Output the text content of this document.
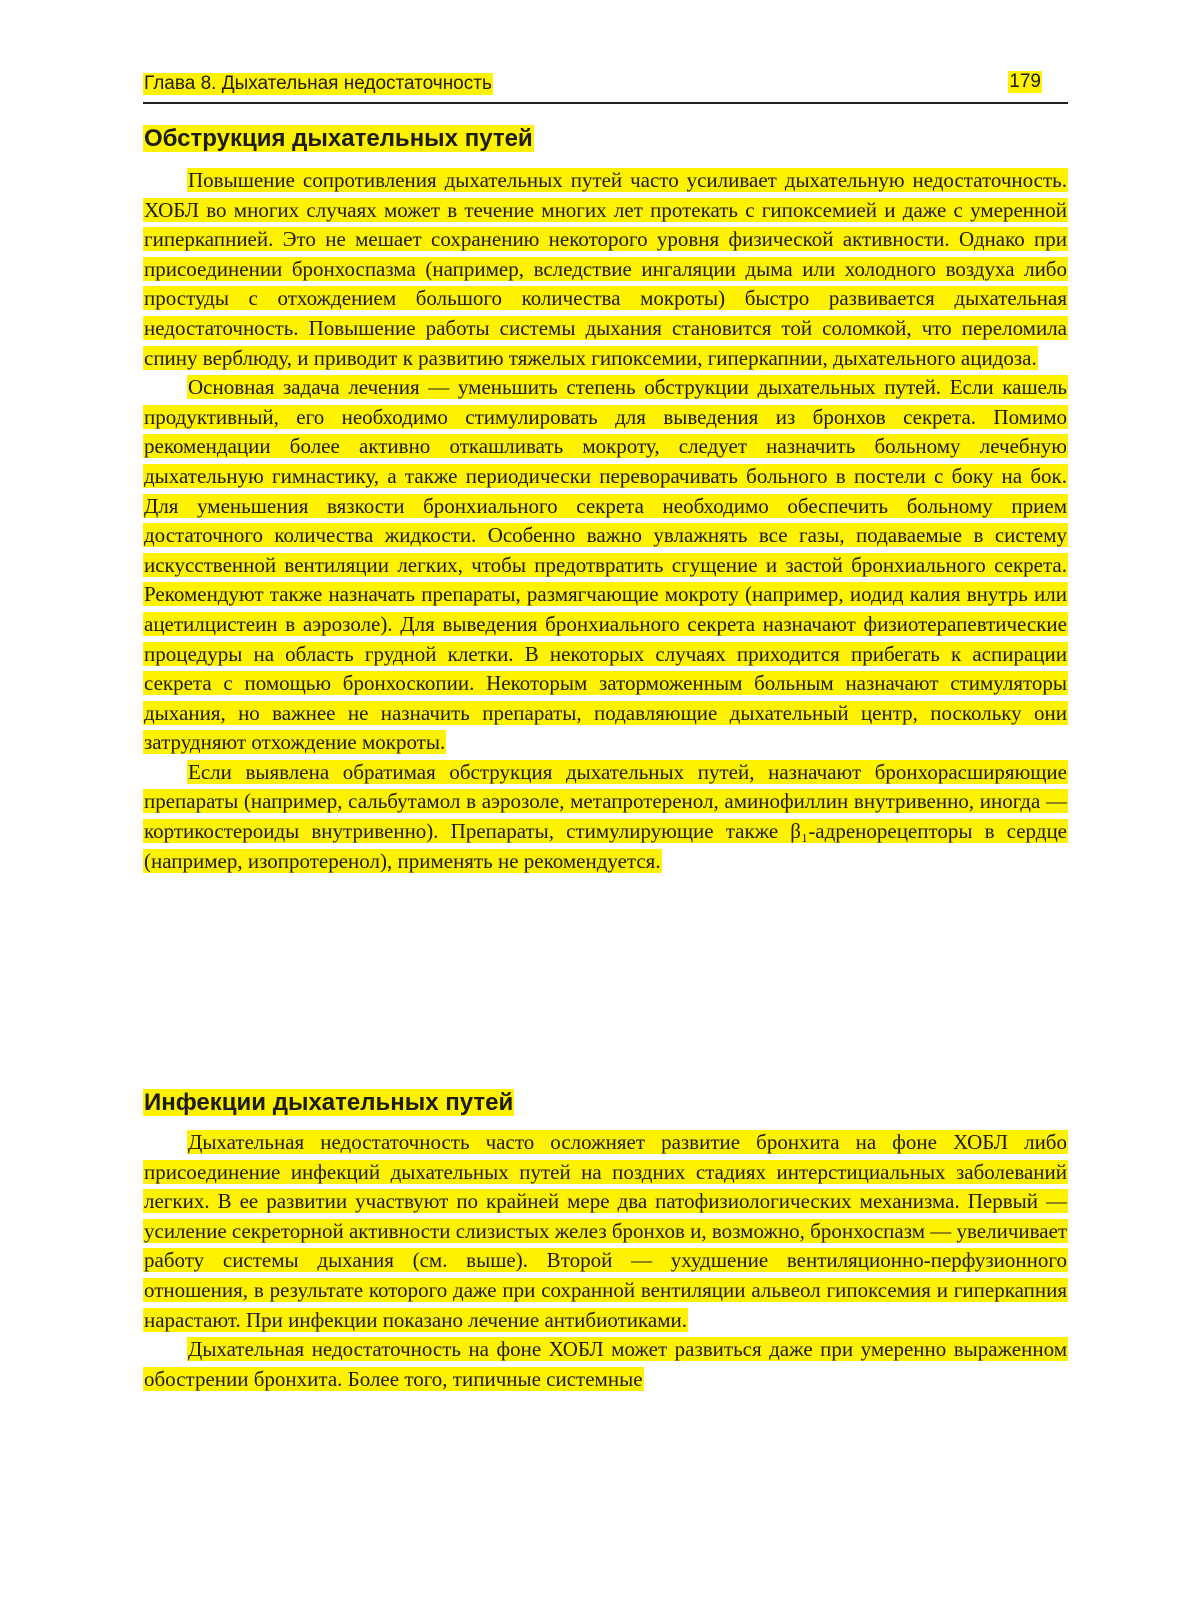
Глава 8. Дыхательная недостаточность	179
Обструкция дыхательных путей

Повышение сопротивления дыхательных путей часто усиливает дыхательную недостаточность. ХОБЛ во многих случаях может в течение многих лет протекать с гипоксемией и даже с умеренной гиперкапнией. Это не мешает сохранению некоторого уровня физической активности. Однако при присоединении бронхоспазма (например, вследствие ингаляции дыма или холодного воздуха либо простуды с отхождением большого количества мокроты) быстро развивается дыхательная недостаточность. Повышение работы системы дыхания становится той соломкой, что переломила спину верблюду, и приводит к развитию тяжелых гипоксемии, гиперкапнии, дыхательного ацидоза.

Основная задача лечения — уменьшить степень обструкции дыхательных путей. Если кашель продуктивный, его необходимо стимулировать для выведения из бронхов секрета. Помимо рекомендации более активно откашливать мокроту, следует назначить больному лечебную дыхательную гимнастику, а также периодически переворачивать больного в постели с боку на бок. Для уменьшения вязкости бронхиального секрета необходимо обеспечить больному прием достаточного количества жидкости. Особенно важно увлажнять все газы, подаваемые в систему искусственной вентиляции легких, чтобы предотвратить сгущение и застой бронхиального секрета. Рекомендуют также назначать препараты, размягчающие мокроту (например, иодид калия внутрь или ацетилцистеин в аэрозоле). Для выведения бронхиального секрета назначают физиотерапевтические процедуры на область грудной клетки. В некоторых случаях приходится прибегать к аспирации секрета с помощью бронхоскопии. Некоторым заторможенным больным назначают стимуляторы дыхания, но важнее не назначить препараты, подавляющие дыхательный центр, поскольку они затрудняют отхождение мокроты.

Если выявлена обратимая обструкция дыхательных путей, назначают бронхорасширяющие препараты (например, сальбутамол в аэрозоле, метапротеренол, аминофиллин внутривенно, иногда — кортикостероиды внутривенно). Препараты, стимулирующие также β₁-адренорецепторы в сердце (например, изопротеренол), применять не рекомендуется.

Инфекции дыхательных путей

Дыхательная недостаточность часто осложняет развитие бронхита на фоне ХОБЛ либо присоединение инфекций дыхательных путей на поздних стадиях интерстициальных заболеваний легких. В ее развитии участвуют по крайней мере два патофизиологических механизма. Первый — усиление секреторной активности слизистых желез бронхов и, возможно, бронхоспазм — увеличивает работу системы дыхания (см. выше). Второй — ухудшение вентиляционно-перфузионного отношения, в результате которого даже при сохранной вентиляции альвеол гипоксемия и гиперкапния нарастают. При инфекции показано лечение антибиотиками.

Дыхательная недостаточность на фоне ХОБЛ может развиться даже при умеренно выраженном обострении бронхита. Более того, типичные системные
